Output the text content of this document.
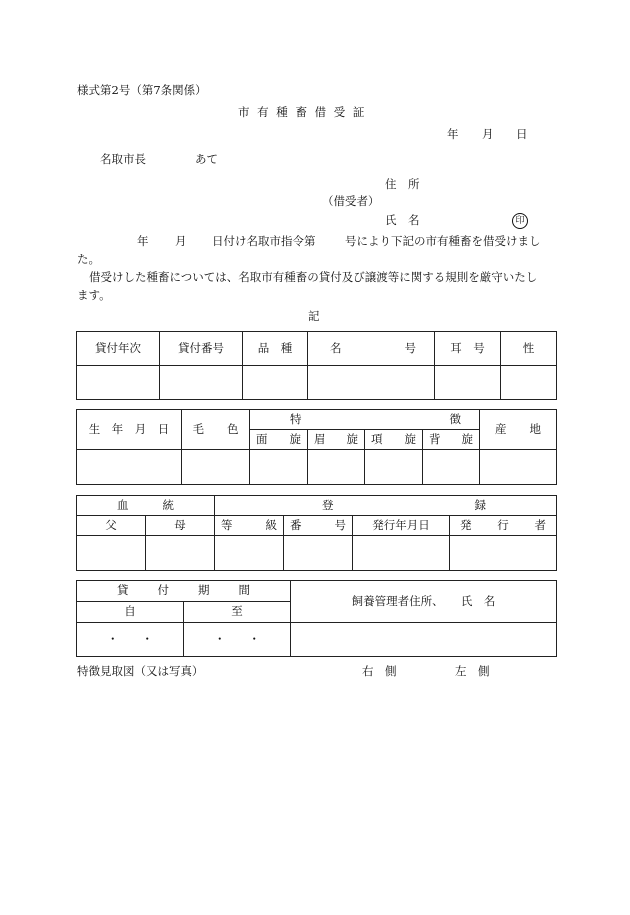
様式第2号（第7条関係）
市 有 種 畜 借 受 証
年 月 日
名取市長	あて
住　所
（借受者）
氏　名	印
年 月 日付け名取市指令第	号により下記の市有種畜を借受けまし
た。
借受けした種畜については、名取市有種畜の貸付及び譲渡等に関する規則を厳守いたし
ます。
記
貸付年次	貸付番号	品　種	名 号	耳　号	性

生　年　月　日	毛　　色	特 徴				産　　地

		面 旋	眉 旋	項 旋	背 旋	

血 統		登 録			

父	母	等 級	番 号	発行年月日	発 行 者

貸 付 期 間		飼養管理者住所、　　氏　名
自	至	
・　　・	・　　・	
特徴見取図（又は写真）	右　側	左　側
